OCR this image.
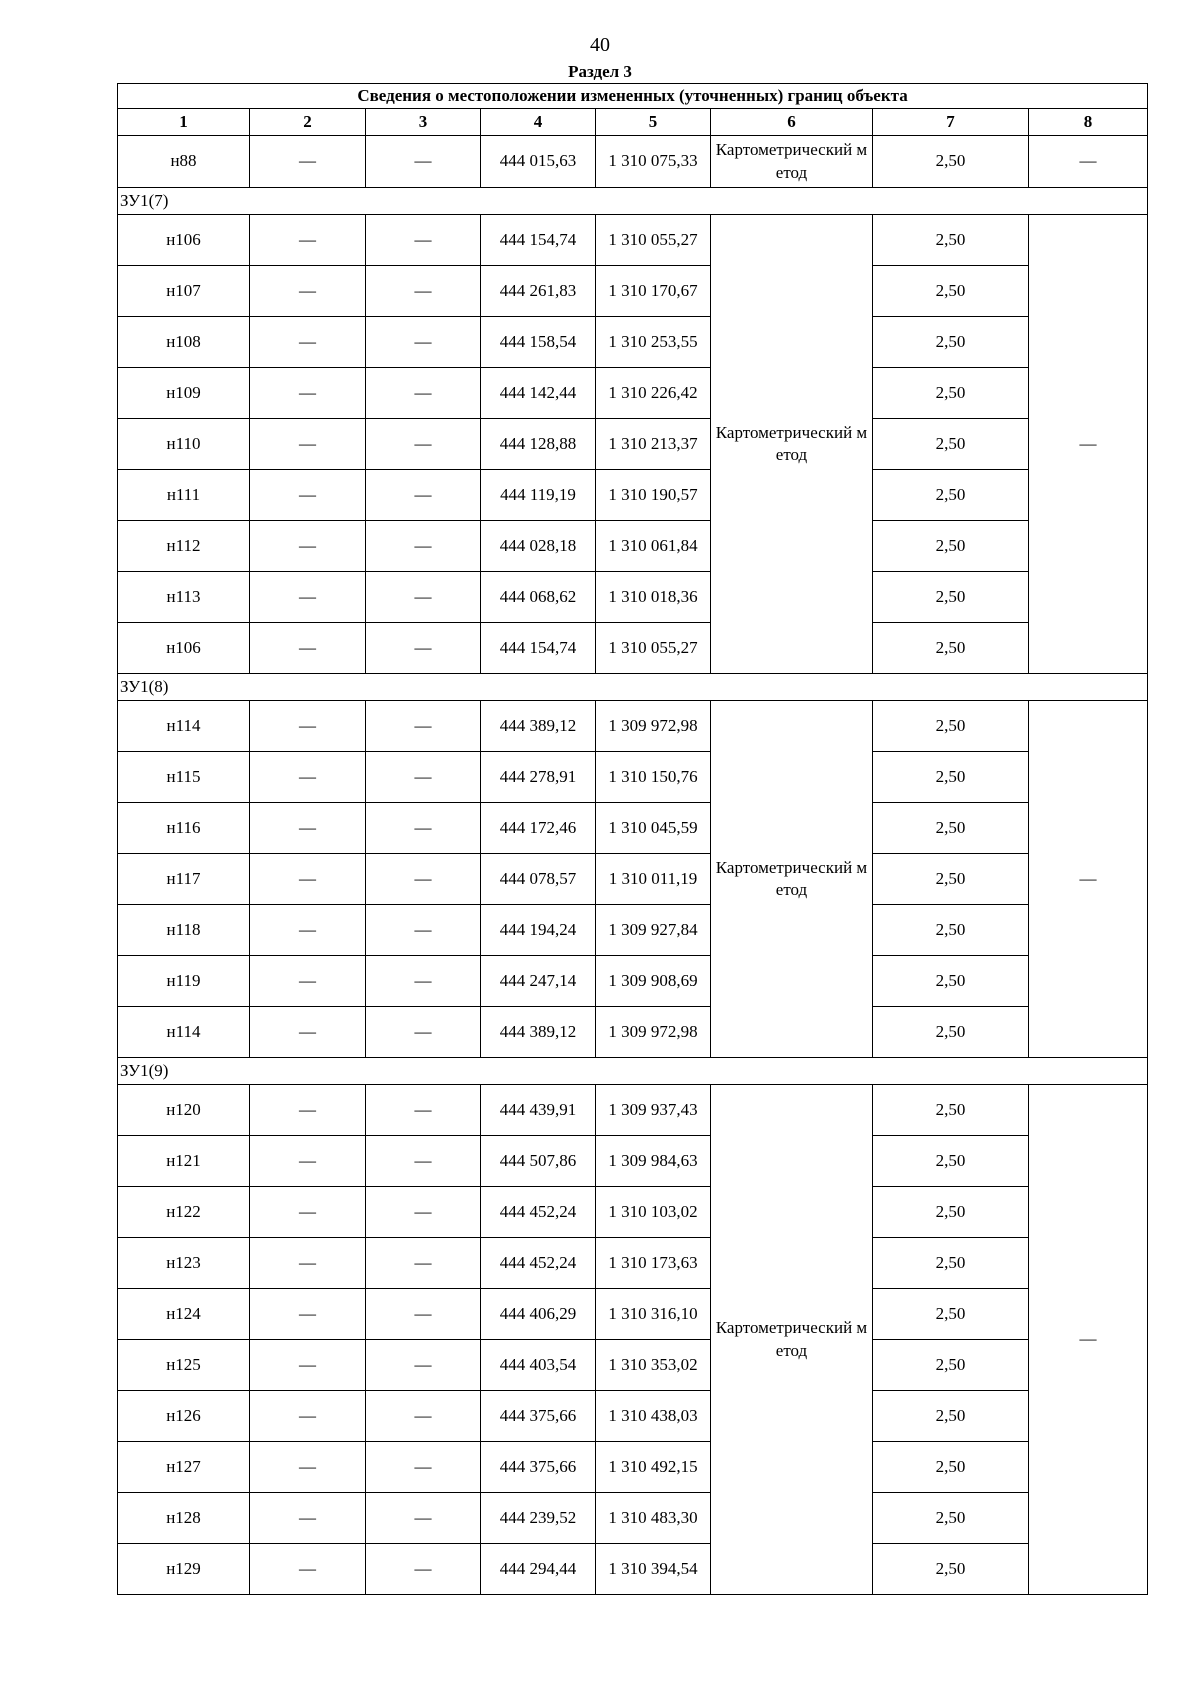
40
Раздел 3
Сведения о местоположении измененных (уточненных) границ объекта							
1	2	3	4	5	6	7	8
н88	—	—	444 015,63	1 310 075,33	Картометрический метод	2,50	—
ЗУ1(7)							
н106	—	—	444 154,74	1 310 055,27	Картометрический метод	2,50	—
н107	—	—	444 261,83	1 310 170,67		2,50	
н108	—	—	444 158,54	1 310 253,55		2,50	
н109	—	—	444 142,44	1 310 226,42		2,50	
н110	—	—	444 128,88	1 310 213,37		2,50	
н111	—	—	444 119,19	1 310 190,57		2,50	
н112	—	—	444 028,18	1 310 061,84		2,50	
н113	—	—	444 068,62	1 310 018,36		2,50	
н106	—	—	444 154,74	1 310 055,27		2,50	
ЗУ1(8)							
н114	—	—	444 389,12	1 309 972,98	Картометрический метод	2,50	—
н115	—	—	444 278,91	1 310 150,76		2,50	
н116	—	—	444 172,46	1 310 045,59		2,50	
н117	—	—	444 078,57	1 310 011,19		2,50	
н118	—	—	444 194,24	1 309 927,84		2,50	
н119	—	—	444 247,14	1 309 908,69		2,50	
н114	—	—	444 389,12	1 309 972,98		2,50	
ЗУ1(9)							
н120	—	—	444 439,91	1 309 937,43	Картометрический метод	2,50	—
н121	—	—	444 507,86	1 309 984,63		2,50	
н122	—	—	444 452,24	1 310 103,02		2,50	
н123	—	—	444 452,24	1 310 173,63		2,50	
н124	—	—	444 406,29	1 310 316,10		2,50	
н125	—	—	444 403,54	1 310 353,02		2,50	
н126	—	—	444 375,66	1 310 438,03		2,50	
н127	—	—	444 375,66	1 310 492,15		2,50	
н128	—	—	444 239,52	1 310 483,30		2,50	
н129	—	—	444 294,44	1 310 394,54		2,50	
